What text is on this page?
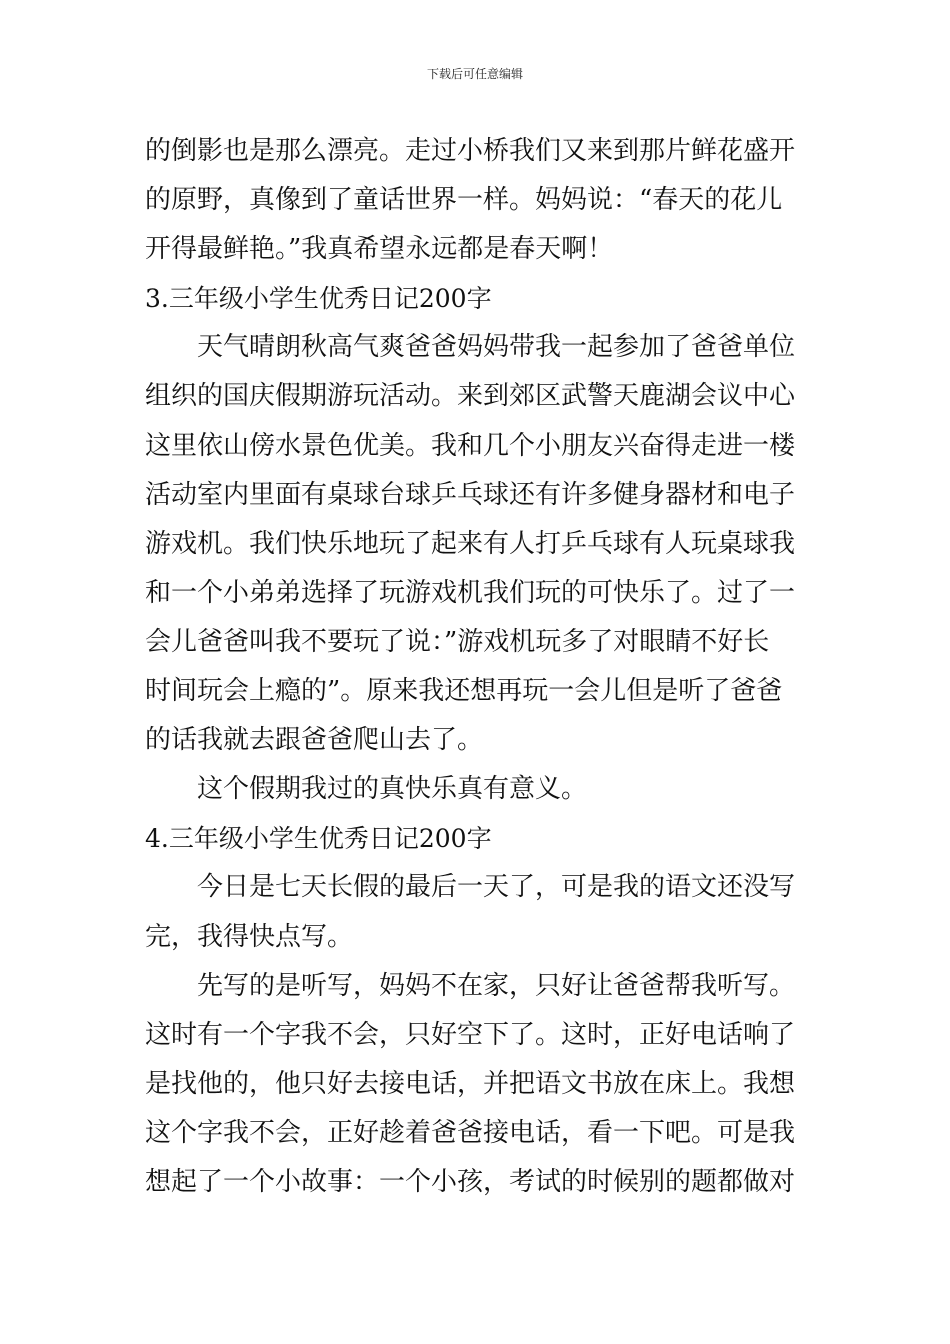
下载后可任意编辑
的倒影也是那么漂亮。走过小桥我们又来到那片鲜花盛开
的原野，真像到了童话世界一样。妈妈说：“春天的花儿
开得最鲜艳。”我真希望永远都是春天啊！
3.三年级小学生优秀日记200字
天气晴朗秋高气爽爸爸妈妈带我一起参加了爸爸单位
组织的国庆假期游玩活动。来到郊区武警天鹿湖会议中心
这里依山傍水景色优美。我和几个小朋友兴奋得走进一楼
活动室内里面有桌球台球乒乓球还有许多健身器材和电子
游戏机。我们快乐地玩了起来有人打乒乓球有人玩桌球我
和一个小弟弟选择了玩游戏机我们玩的可快乐了。过了一
会儿爸爸叫我不要玩了说：”游戏机玩多了对眼睛不好长
时间玩会上瘾的”。原来我还想再玩一会儿但是听了爸爸
的话我就去跟爸爸爬山去了。
这个假期我过的真快乐真有意义。
4.三年级小学生优秀日记200字
今日是七天长假的最后一天了，可是我的语文还没写
完，我得快点写。
先写的是听写，妈妈不在家，只好让爸爸帮我听写。
这时有一个字我不会，只好空下了。这时，正好电话响了
是找他的，他只好去接电话，并把语文书放在床上。我想
这个字我不会，正好趁着爸爸接电话，看一下吧。可是我
想起了一个小故事：一个小孩，考试的时候别的题都做对
